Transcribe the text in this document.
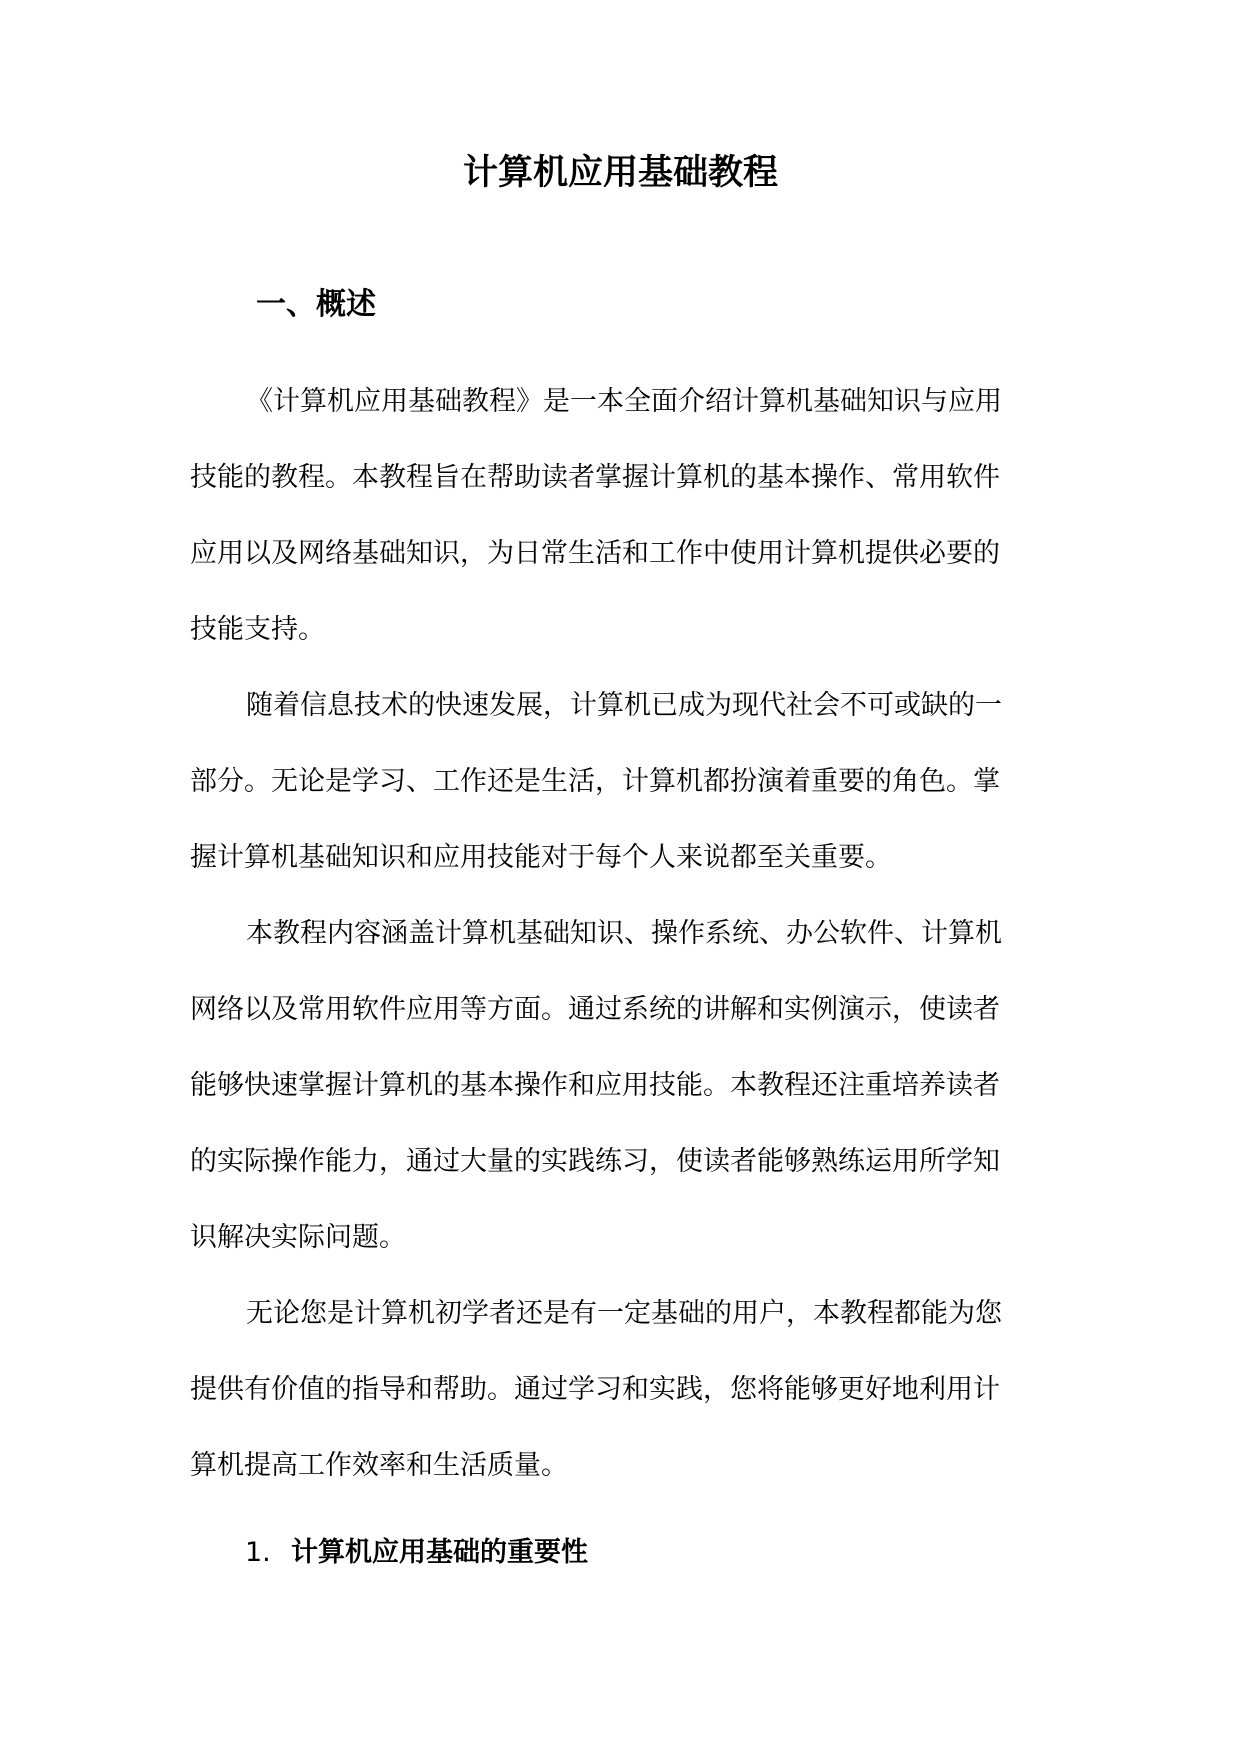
计算机应用基础教程
一、概述

《计算机应用基础教程》是一本全面介绍计算机基础知识与应用
技能的教程。本教程旨在帮助读者掌握计算机的基本操作、常用软件
应用以及网络基础知识，为日常生活和工作中使用计算机提供必要的
技能支持。

随着信息技术的快速发展，计算机已成为现代社会不可或缺的一
部分。无论是学习、工作还是生活，计算机都扮演着重要的角色。掌
握计算机基础知识和应用技能对于每个人来说都至关重要。

本教程内容涵盖计算机基础知识、操作系统、办公软件、计算机
网络以及常用软件应用等方面。通过系统的讲解和实例演示，使读者
能够快速掌握计算机的基本操作和应用技能。本教程还注重培养读者
的实际操作能力，通过大量的实践练习，使读者能够熟练运用所学知
识解决实际问题。

无论您是计算机初学者还是有一定基础的用户，本教程都能为您
提供有价值的指导和帮助。通过学习和实践，您将能够更好地利用计
算机提高工作效率和生活质量。

1. 计算机应用基础的重要性
